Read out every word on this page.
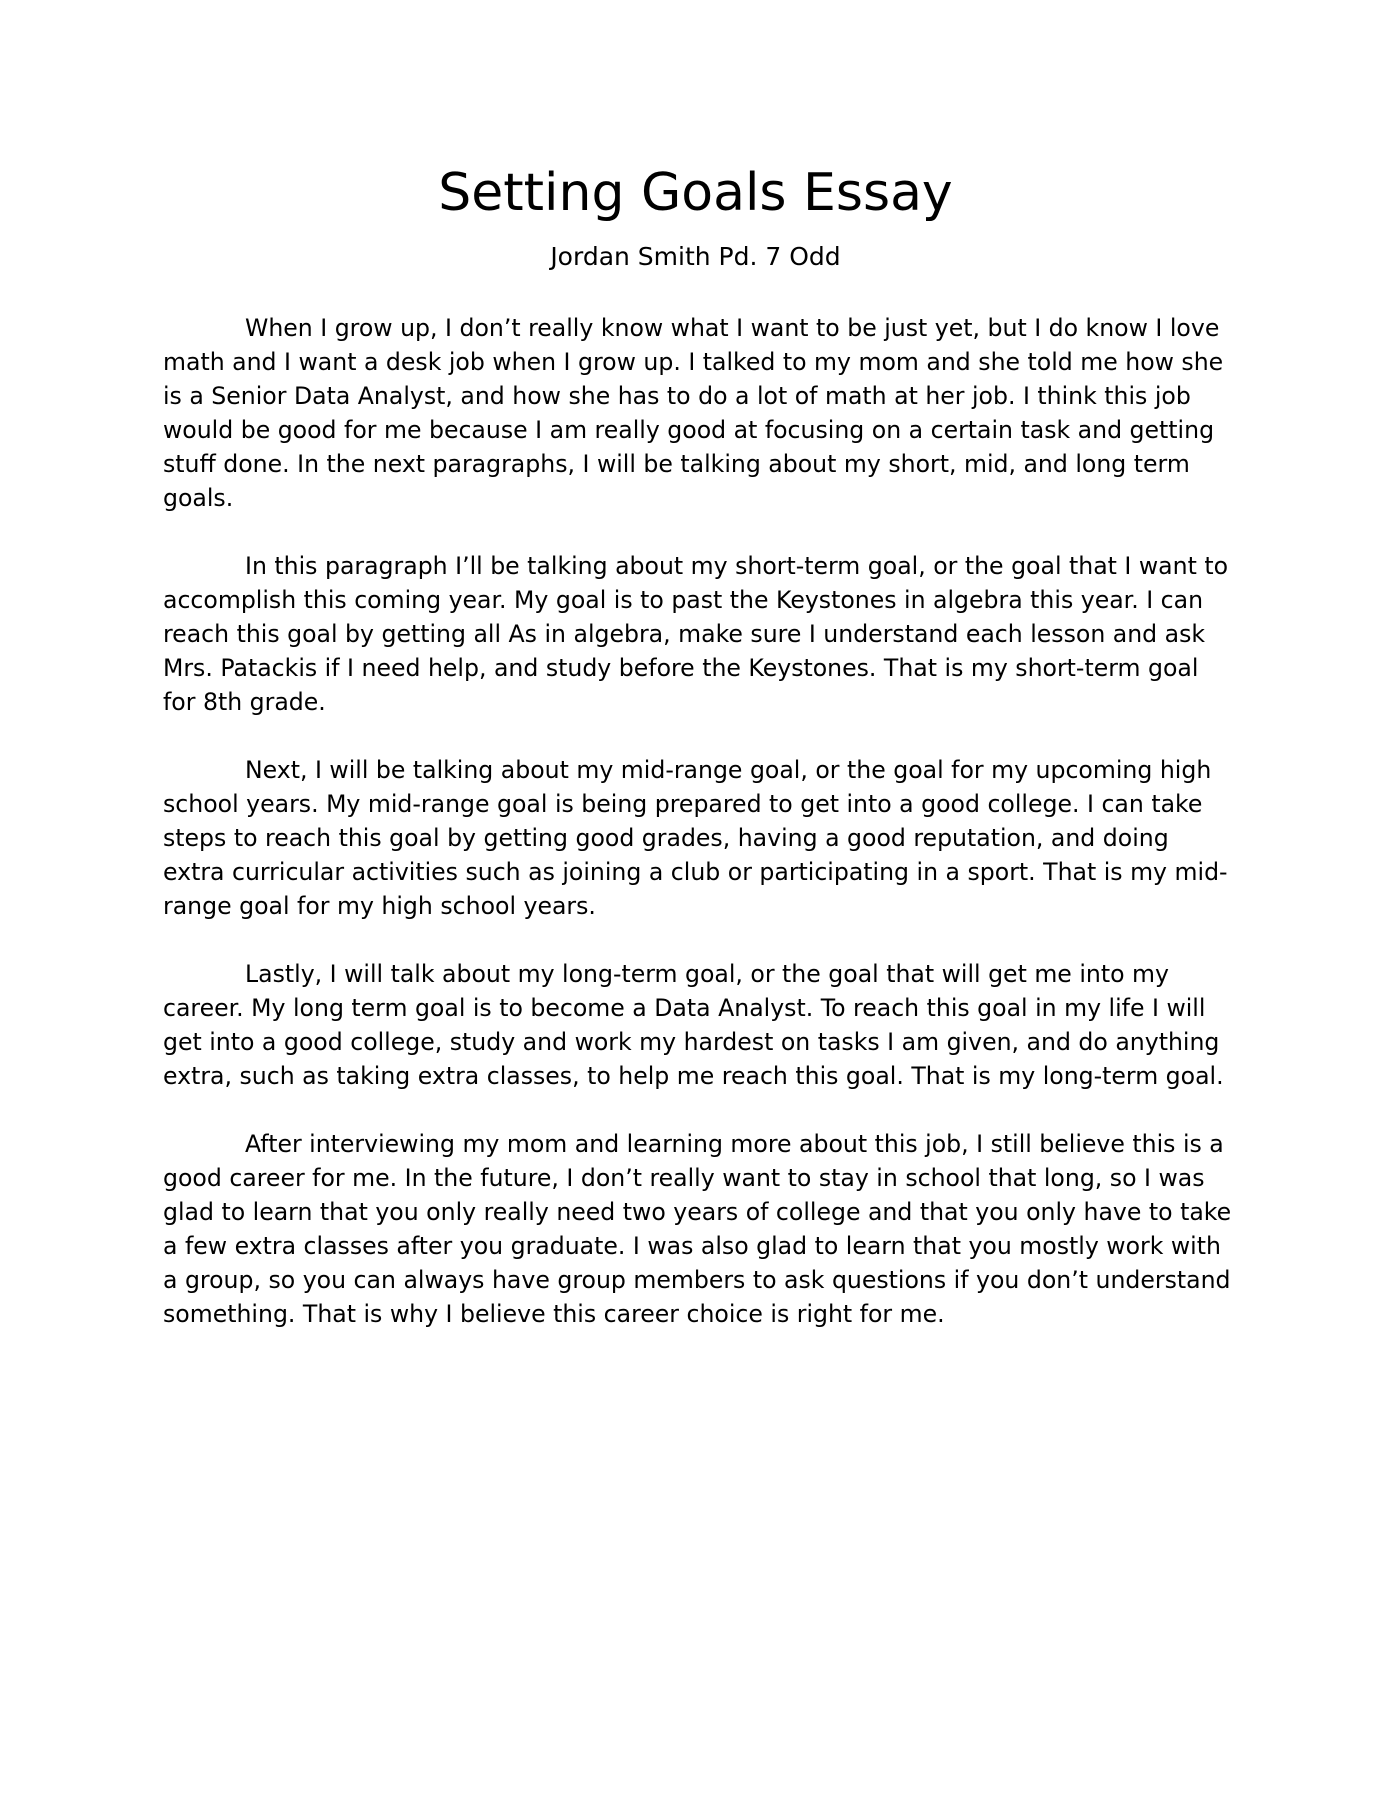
Setting Goals Essay
Jordan Smith Pd. 7 Odd

When I grow up, I don’t really know what I want to be just yet, but I do know I love math and I want a desk job when I grow up. I talked to my mom and she told me how she is a Senior Data Analyst, and how she has to do a lot of math at her job. I think this job would be good for me because I am really good at focusing on a certain task and getting stuff done. In the next paragraphs, I will be talking about my short, mid, and long term goals.

In this paragraph I’ll be talking about my short-term goal, or the goal that I want to accomplish this coming year. My goal is to past the Keystones in algebra this year. I can reach this goal by getting all As in algebra, make sure I understand each lesson and ask Mrs. Patackis if I need help, and study before the Keystones. That is my short-term goal for 8th grade.

Next, I will be talking about my mid-range goal, or the goal for my upcoming high school years. My mid-range goal is being prepared to get into a good college. I can take steps to reach this goal by getting good grades, having a good reputation, and doing extra curricular activities such as joining a club or participating in a sport. That is my mid-range goal for my high school years.

Lastly, I will talk about my long-term goal, or the goal that will get me into my career. My long term goal is to become a Data Analyst. To reach this goal in my life I will get into a good college, study and work my hardest on tasks I am given, and do anything extra, such as taking extra classes, to help me reach this goal. That is my long-term goal.

After interviewing my mom and learning more about this job, I still believe this is a good career for me. In the future, I don’t really want to stay in school that long, so I was glad to learn that you only really need two years of college and that you only have to take a few extra classes after you graduate. I was also glad to learn that you mostly work with a group, so you can always have group members to ask questions if you don’t understand something. That is why I believe this career choice is right for me.
